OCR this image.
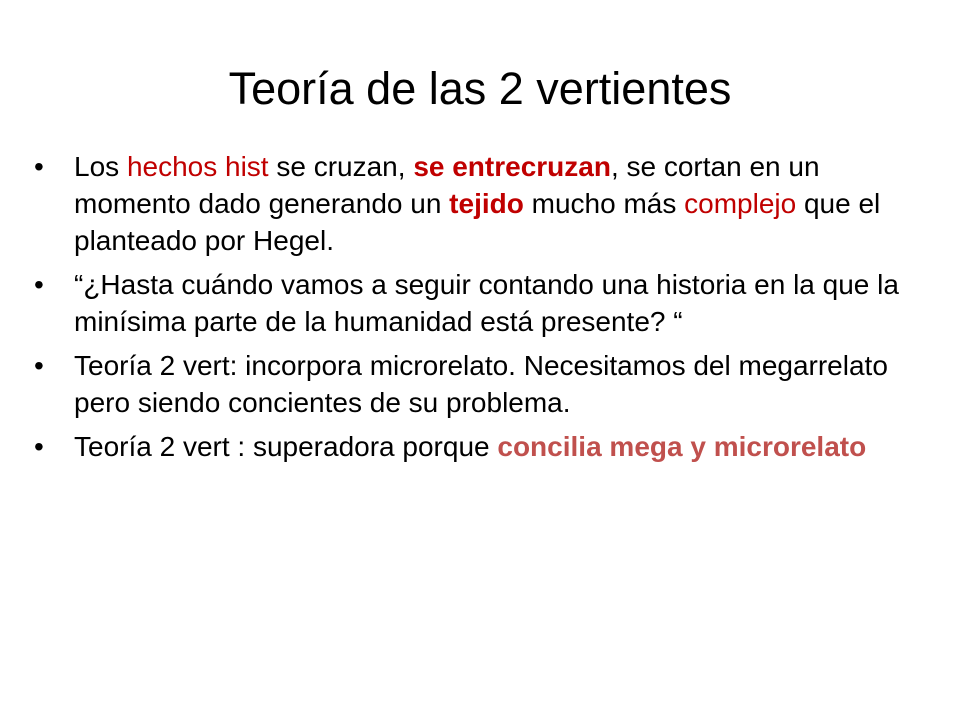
Teoría de las 2 vertientes
• Los hechos hist se cruzan, se entrecruzan, se cortan en un momento dado generando un tejido mucho más complejo que el planteado por Hegel.
• “¿Hasta cuándo vamos a seguir contando una historia en la que la minísima parte de la humanidad está presente? “
• Teoría 2 vert: incorpora microrelato. Necesitamos del megarrelato pero siendo concientes de su problema.
• Teoría 2 vert : superadora porque concilia mega y microrelato
